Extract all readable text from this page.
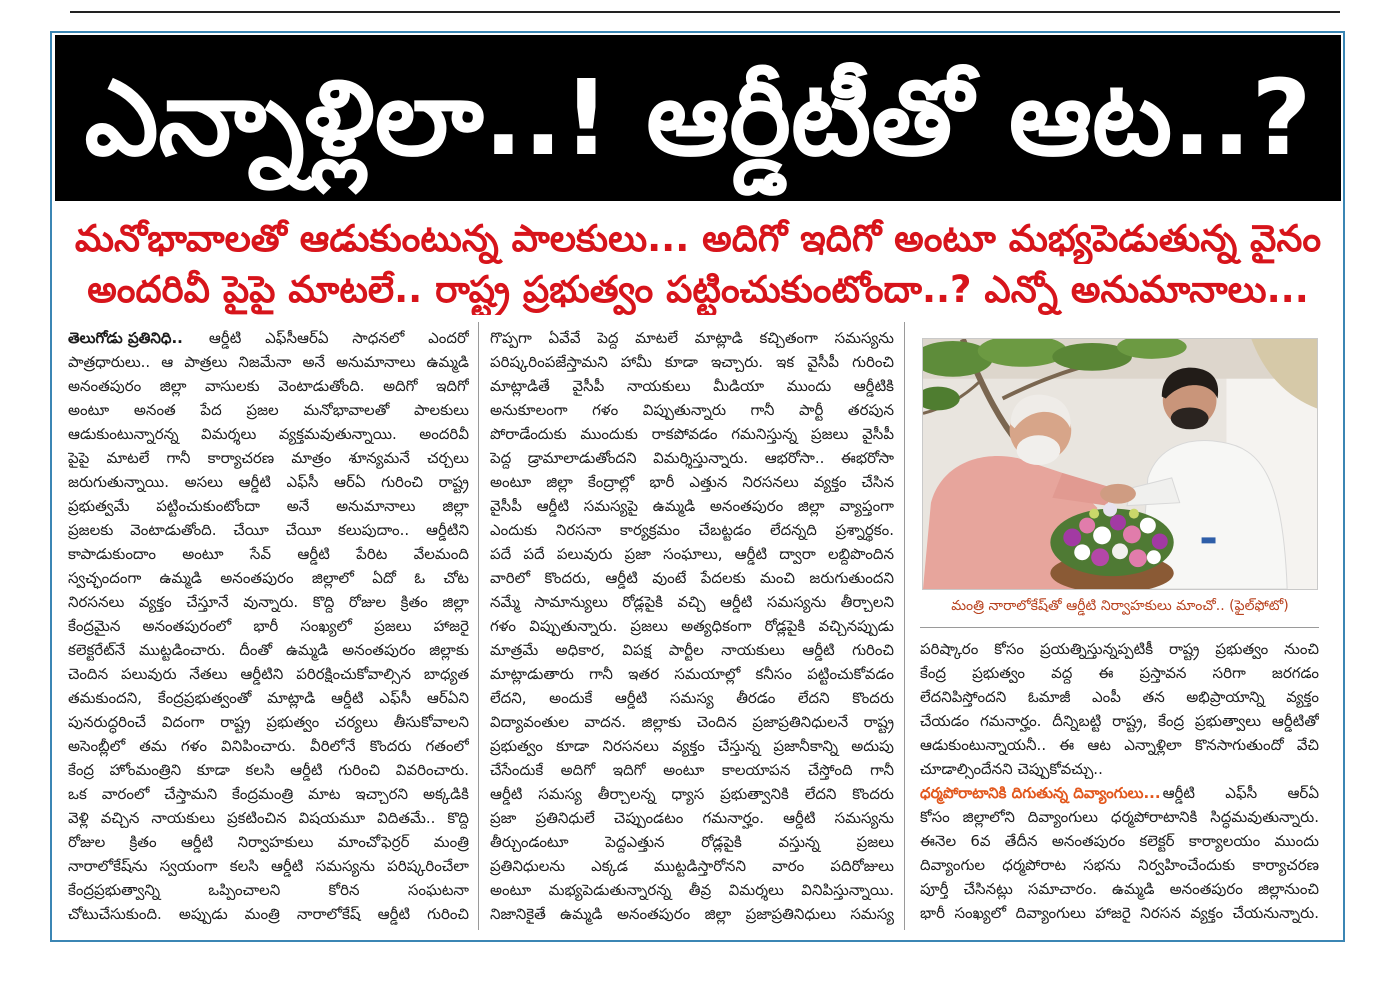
ఎన్నాళ్లిలా..! ఆర్డీటీతో ఆట..?
మనోభావాలతో ఆడుకుంటున్న పాలకులు... అదిగో ఇదిగో అంటూ మభ్యపెడుతున్న వైనం
అందరివీ పైపై మాటలే.. రాష్ట్ర ప్రభుత్వం పట్టించుకుంటోందా..? ఎన్నో అనుమానాలు...
తెలుగోడు ప్రతినిధి.. ఆర్డీటి ఎఫ్‌సీఆర్ఏ సాధనలో ఎందరో
పాత్రధారులు.. ఆ పాత్రలు నిజమేనా అనే అనుమానాలు ఉమ్మడి
అనంతపురం జిల్లా వాసులకు వెంటాడుతోంది. అదిగో ఇదిగో
అంటూ అనంత పేద ప్రజల మనోభావాలతో పాలకులు
ఆడుకుంటున్నారన్న విమర్శలు వ్యక్తమవుతున్నాయి. అందరివీ
పైపై మాటలే గానీ కార్యాచరణ మాత్రం శూన్యమనే చర్చలు
జరుగుతున్నాయి. అసలు ఆర్డీటి ఎఫ్‌సీ ఆర్ఏ గురించి రాష్ట్ర
ప్రభుత్వమే పట్టించుకుంటోందా అనే అనుమానాలు జిల్లా
ప్రజలకు వెంటాడుతోంది. చేయీ చేయీ కలుపుదాం.. ఆర్డీటిని
కాపాడుకుందాం అంటూ సేవ్ ఆర్డీటి పేరిట వేలమంది
స్వచ్ఛందంగా ఉమ్మడి అనంతపురం జిల్లాలో ఏదో ఓ చోట
నిరసనలు వ్యక్తం చేస్తూనే వున్నారు. కొద్ది రోజుల క్రితం జిల్లా
కేంద్రమైన అనంతపురంలో భారీ సంఖ్యలో ప్రజలు హాజరై
కలెక్టరేట్‌నే ముట్టడించారు. దీంతో ఉమ్మడి అనంతపురం జిల్లాకు
చెందిన పలువురు నేతలు ఆర్డీటిని పరిరక్షించుకోవాల్సిన బాధ్యత
తమకుందని, కేంద్రప్రభుత్వంతో మాట్లాడి ఆర్డీటి ఎఫ్‌సీ ఆర్ఏని
పునరుద్ధరించే విదంగా రాష్ట్ర ప్రభుత్వం చర్యలు తీసుకోవాలని
అసెంబ్లీలో తమ గళం వినిపించారు. వీరిలోనే కొందరు గతంలో
కేంద్ర హోంమంత్రిని కూడా కలసి ఆర్డీటి గురించి వివరించారు.
ఒక వారంలో చేస్తామని కేంద్రమంత్రి మాట ఇచ్చారని అక్కడికి
వెళ్లి వచ్చిన నాయకులు ప్రకటించిన విషయమూ విదితమే.. కొద్ది
రోజుల క్రితం ఆర్డీటి నిర్వాహకులు మాంచోఫెర్రర్ మంత్రి
నారాలోకేష్‌ను స్వయంగా కలసి ఆర్డీటి సమస్యను పరిష్కరించేలా
కేంద్రప్రభుత్వాన్ని ఒప్పించాలని కోరిన సంఘటనా
చోటుచేసుకుంది. అప్పుడు మంత్రి నారాలోకేష్ ఆర్డీటి గురించి
గొప్పగా ఏవేవే పెద్ద మాటలే మాట్లాడి కచ్చితంగా సమస్యను
పరిష్కరింపజేస్తామని హామీ కూడా ఇచ్చారు. ఇక వైసీపీ గురించి
మాట్లాడితే వైసీపీ నాయకులు మీడియా ముందు ఆర్డీటికి
అనుకూలంగా గళం విప్పుతున్నారు గానీ పార్టీ తరపున
పోరాడేందుకు ముందుకు రాకపోవడం గమనిస్తున్న ప్రజలు వైసీపీ
పెద్ద డ్రామాలాడుతోందని విమర్శిస్తున్నారు. ఆభరోసా.. ఈభరోసా
అంటూ జిల్లా కేంద్రాల్లో భారీ ఎత్తున నిరసనలు వ్యక్తం చేసిన
వైసీపీ ఆర్డీటి సమస్యపై ఉమ్మడి అనంతపురం జిల్లా వ్యాప్తంగా
ఎందుకు నిరసనా కార్యక్రమం చేబట్టడం లేదన్నది ప్రశ్నార్థకం.
పదే పదే పలువురు ప్రజా సంఘాలు, ఆర్డీటి ద్వారా లబ్దిపొందిన
వారిలో కొందరు, ఆర్డీటి వుంటే పేదలకు మంచి జరుగుతుందని
నమ్మే సామాన్యులు రోడ్లపైకి వచ్చి ఆర్డీటి సమస్యను తీర్చాలని
గళం విప్పుతున్నారు. ప్రజలు అత్యధికంగా రోడ్లపైకి వచ్చినప్పుడు
మాత్రమే అధికార, విపక్ష పార్టీల నాయకులు ఆర్డీటి గురించి
మాట్లాడుతారు గానీ ఇతర సమయాల్లో కనీసం పట్టించుకోవడం
లేదని, అందుకే ఆర్డీటి సమస్య తీరడం లేదని కొందరు
విద్యావంతుల వాదన. జిల్లాకు చెందిన ప్రజాప్రతినిధులనే రాష్ట్ర
ప్రభుత్వం కూడా నిరసనలు వ్యక్తం చేస్తున్న ప్రజానీకాన్ని అదుపు
చేసేందుకే అదిగో ఇదిగో అంటూ కాలయాపన చేస్తోంది గానీ
ఆర్డీటి సమస్య తీర్చాలన్న ధ్యాస ప్రభుత్వానికి లేదని కొందరు
ప్రజా ప్రతినిధులే చెప్పుండటం గమనార్హం. ఆర్డీటి సమస్యను
తీర్చుండంటూ పెద్దఎత్తున రోడ్లపైకి వస్తున్న ప్రజలు
ప్రతినిధులను ఎక్కడ ముట్టడిస్తారోనని వారం పదిరోజులు
అంటూ మభ్యపెడుతున్నారన్న తీవ్ర విమర్శలు వినిపిస్తున్నాయి.
నిజానికైతే ఉమ్మడి అనంతపురం జిల్లా ప్రజాప్రతినిధులు సమస్య
మంత్రి నారాలోకేష్‌తో ఆర్డీటి నిర్వాహకులు మాంచో.. (ఫైల్‌ఫోటో)
పరిష్కారం కోసం ప్రయత్నిస్తున్నప్పటికీ రాష్ట్ర ప్రభుత్వం నుంచి
కేంద్ర ప్రభుత్వం వద్ద ఈ ప్రస్తావన సరిగా జరగడం
లేదనిపిస్తోందని ఓమాజీ ఎంపీ తన అభిప్రాయాన్ని వ్యక్తం
చేయడం గమనార్హం. దీన్నిబట్టి రాష్ట్ర, కేంద్ర ప్రభుత్వాలు ఆర్డీటితో
ఆడుకుంటున్నాయనీ.. ఈ ఆట ఎన్నాళ్లిలా కొనసాగుతుందో వేచి
చూడాల్సిందేనని చెప్పుకోవచ్చు..
ధర్మపోరాటానికి దిగుతున్న దివ్యాంగులు... ఆర్డీటి ఎఫ్‌సీ ఆర్ఏ
కోసం జిల్లాలోని దివ్యాంగులు ధర్మపోరాటానికి సిద్ధమవుతున్నారు.
ఈనెల 6వ తేదీన అనంతపురం కలెక్టర్ కార్యాలయం ముందు
దివ్యాంగుల ధర్మపోరాట సభను నిర్వహించేందుకు కార్యాచరణ
పూర్తీ చేసినట్లు సమాచారం. ఉమ్మడి అనంతపురం జిల్లానుంచి
భారీ సంఖ్యలో దివ్యాంగులు హాజరై నిరసన వ్యక్తం చేయనున్నారు.
